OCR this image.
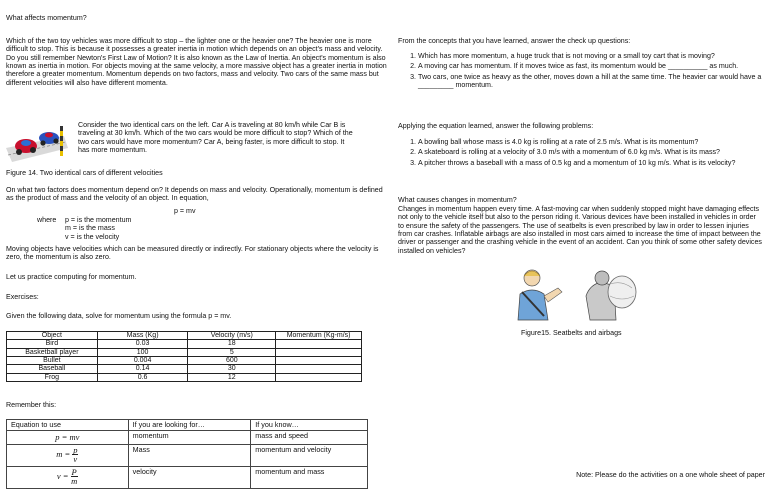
What affects momentum?

Which of the two toy vehicles was more difficult to stop – the lighter one or the heavier one? The heavier one is more difficult to stop. This is because it possesses a greater inertia in motion which depends on an object's mass and velocity. Do you still remember Newton's First Law of Motion? It is also known as the Law of Inertia. An object's momentum is also known as inertia in motion. For objects moving at the same velocity, a more massive object has a greater inertia in motion therefore a greater momentum. Momentum depends on two factors, mass and velocity. Two cars of the same mass but different velocities will also have different momenta.

Consider the two identical cars on the left. Car A is traveling at 80 km/h while Car B is traveling at 30 km/h. Which of the two cars would be more difficult to stop? Which of the two cars would have more momentum? Car A, being faster, is more difficult to stop. It has more momentum.

Figure 14. Two identical cars of different velocities

On what two factors does momentum depend on? It depends on mass and velocity. Operationally, momentum is defined as the product of mass and the velocity of an object. In equation,

p = mv

where p = is the momentum

m = is the mass

v = is the velocity

Moving objects have velocities which can be measured directly or indirectly. For stationary objects where the velocity is zero, the momentum is also zero.

Let us practice computing for momentum.

Exercises:

Given the following data, solve for momentum using the formula p = mv.

Object	Mass (Kg)	Velocity (m/s)	Momentum (Kg-m/s)
Bird	0.03	18	
Basketball player	100	5	
Bullet	0.004	600	
Baseball	0.14	30	
Frog	0.6	12	

Remember this:

Equation to use	If you are looking for…	If you know…
p = mv	momentum	mass and speed
$m = \frac{p}{v}$	Mass	momentum and velocity
$v = \frac{P}{m}$	velocity	momentum and mass

From the concepts that you have learned, answer the check up questions:

1. Which has more momentum, a huge truck that is not moving or a small toy cart that is moving?
2. A moving car has momentum. If it moves twice as fast, its momentum would be __________ as much.
3. Two cars, one twice as heavy as the other, moves down a hill at the same time. The heavier car would have a _________ momentum.

Applying the equation learned, answer the following problems:

1. A bowling ball whose mass is 4.0 kg is rolling at a rate of 2.5 m/s. What is its momentum?
2. A skateboard is rolling at a velocity of 3.0 m/s with a momentum of 6.0 kg m/s. What is its mass?
3. A pitcher throws a baseball with a mass of 0.5 kg and a momentum of 10 kg m/s. What is its velocity?

What causes changes in momentum?

Changes in momentum happen every time. A fast-moving car when suddenly stopped might have damaging effects not only to the vehicle itself but also to the person riding it. Various devices have been installed in vehicles in order to ensure the safety of the passengers. The use of seatbelts is even prescribed by law in order to lessen injuries from car crashes. Inflatable airbags are also installed in most cars aimed to increase the time of impact between the driver or passenger and the crashing vehicle in the event of an accident. Can you think of some other safety devices installed on vehicles?

Figure15. Seatbelts and airbags

Note: Please do the activities on a one whole sheet of paper
